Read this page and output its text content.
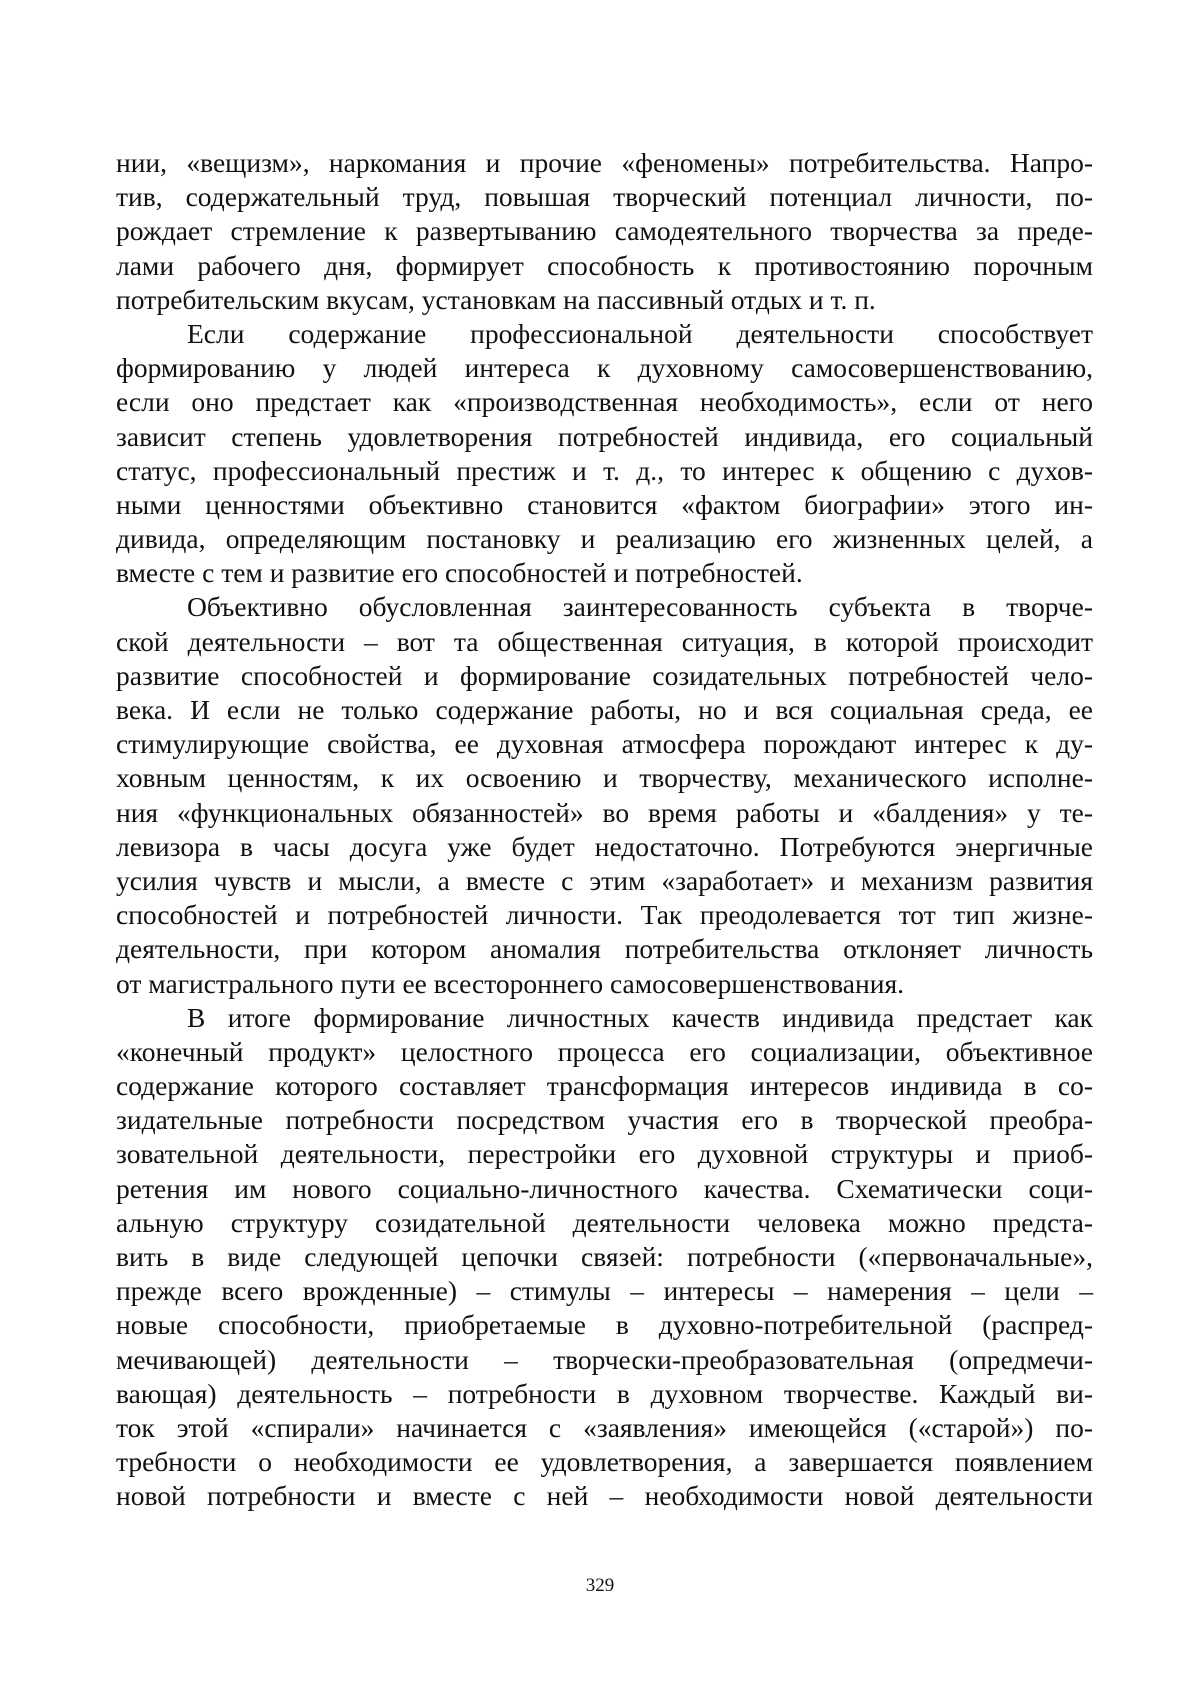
нии, «вещизм», наркомания и прочие «феномены» потребительства. Напро-
тив, содержательный труд, повышая творческий потенциал личности, по-
рождает стремление к развертыванию самодеятельного творчества за преде-
лами рабочего дня, формирует способность к противостоянию порочным
потребительским вкусам, установкам на пассивный отдых и т. п.
Если содержание профессиональной деятельности способствует
формированию у людей интереса к духовному самосовершенствованию,
если оно предстает как «производственная необходимость», если от него
зависит степень удовлетворения потребностей индивида, его социальный
статус, профессиональный престиж и т. д., то интерес к общению с духов-
ными ценностями объективно становится «фактом биографии» этого ин-
дивида, определяющим постановку и реализацию его жизненных целей, а
вместе с тем и развитие его способностей и потребностей.
Объективно обусловленная заинтересованность субъекта в творче-
ской деятельности – вот та общественная ситуация, в которой происходит
развитие способностей и формирование созидательных потребностей чело-
века. И если не только содержание работы, но и вся социальная среда, ее
стимулирующие свойства, ее духовная атмосфера порождают интерес к ду-
ховным ценностям, к их освоению и творчеству, механического исполне-
ния «функциональных обязанностей» во время работы и «балдения» у те-
левизора в часы досуга уже будет недостаточно. Потребуются энергичные
усилия чувств и мысли, а вместе с этим «заработает» и механизм развития
способностей и потребностей личности. Так преодолевается тот тип жизне-
деятельности, при котором аномалия потребительства отклоняет личность
от магистрального пути ее всестороннего самосовершенствования.
В итоге формирование личностных качеств индивида предстает как
«конечный продукт» целостного процесса его социализации, объективное
содержание которого составляет трансформация интересов индивида в со-
зидательные потребности посредством участия его в творческой преобра-
зовательной деятельности, перестройки его духовной структуры и приоб-
ретения им нового социально-личностного качества. Схематически соци-
альную структуру созидательной деятельности человека можно предста-
вить в виде следующей цепочки связей: потребности («первоначальные»,
прежде всего врожденные) – стимулы – интересы – намерения – цели –
новые способности, приобретаемые в духовно-потребительной (распред-
мечивающей) деятельности – творчески-преобразовательная (опредмечи-
вающая) деятельность – потребности в духовном творчестве. Каждый ви-
ток этой «спирали» начинается с «заявления» имеющейся («старой») по-
требности о необходимости ее удовлетворения, а завершается появлением
новой потребности и вместе с ней – необходимости новой деятельности
329
